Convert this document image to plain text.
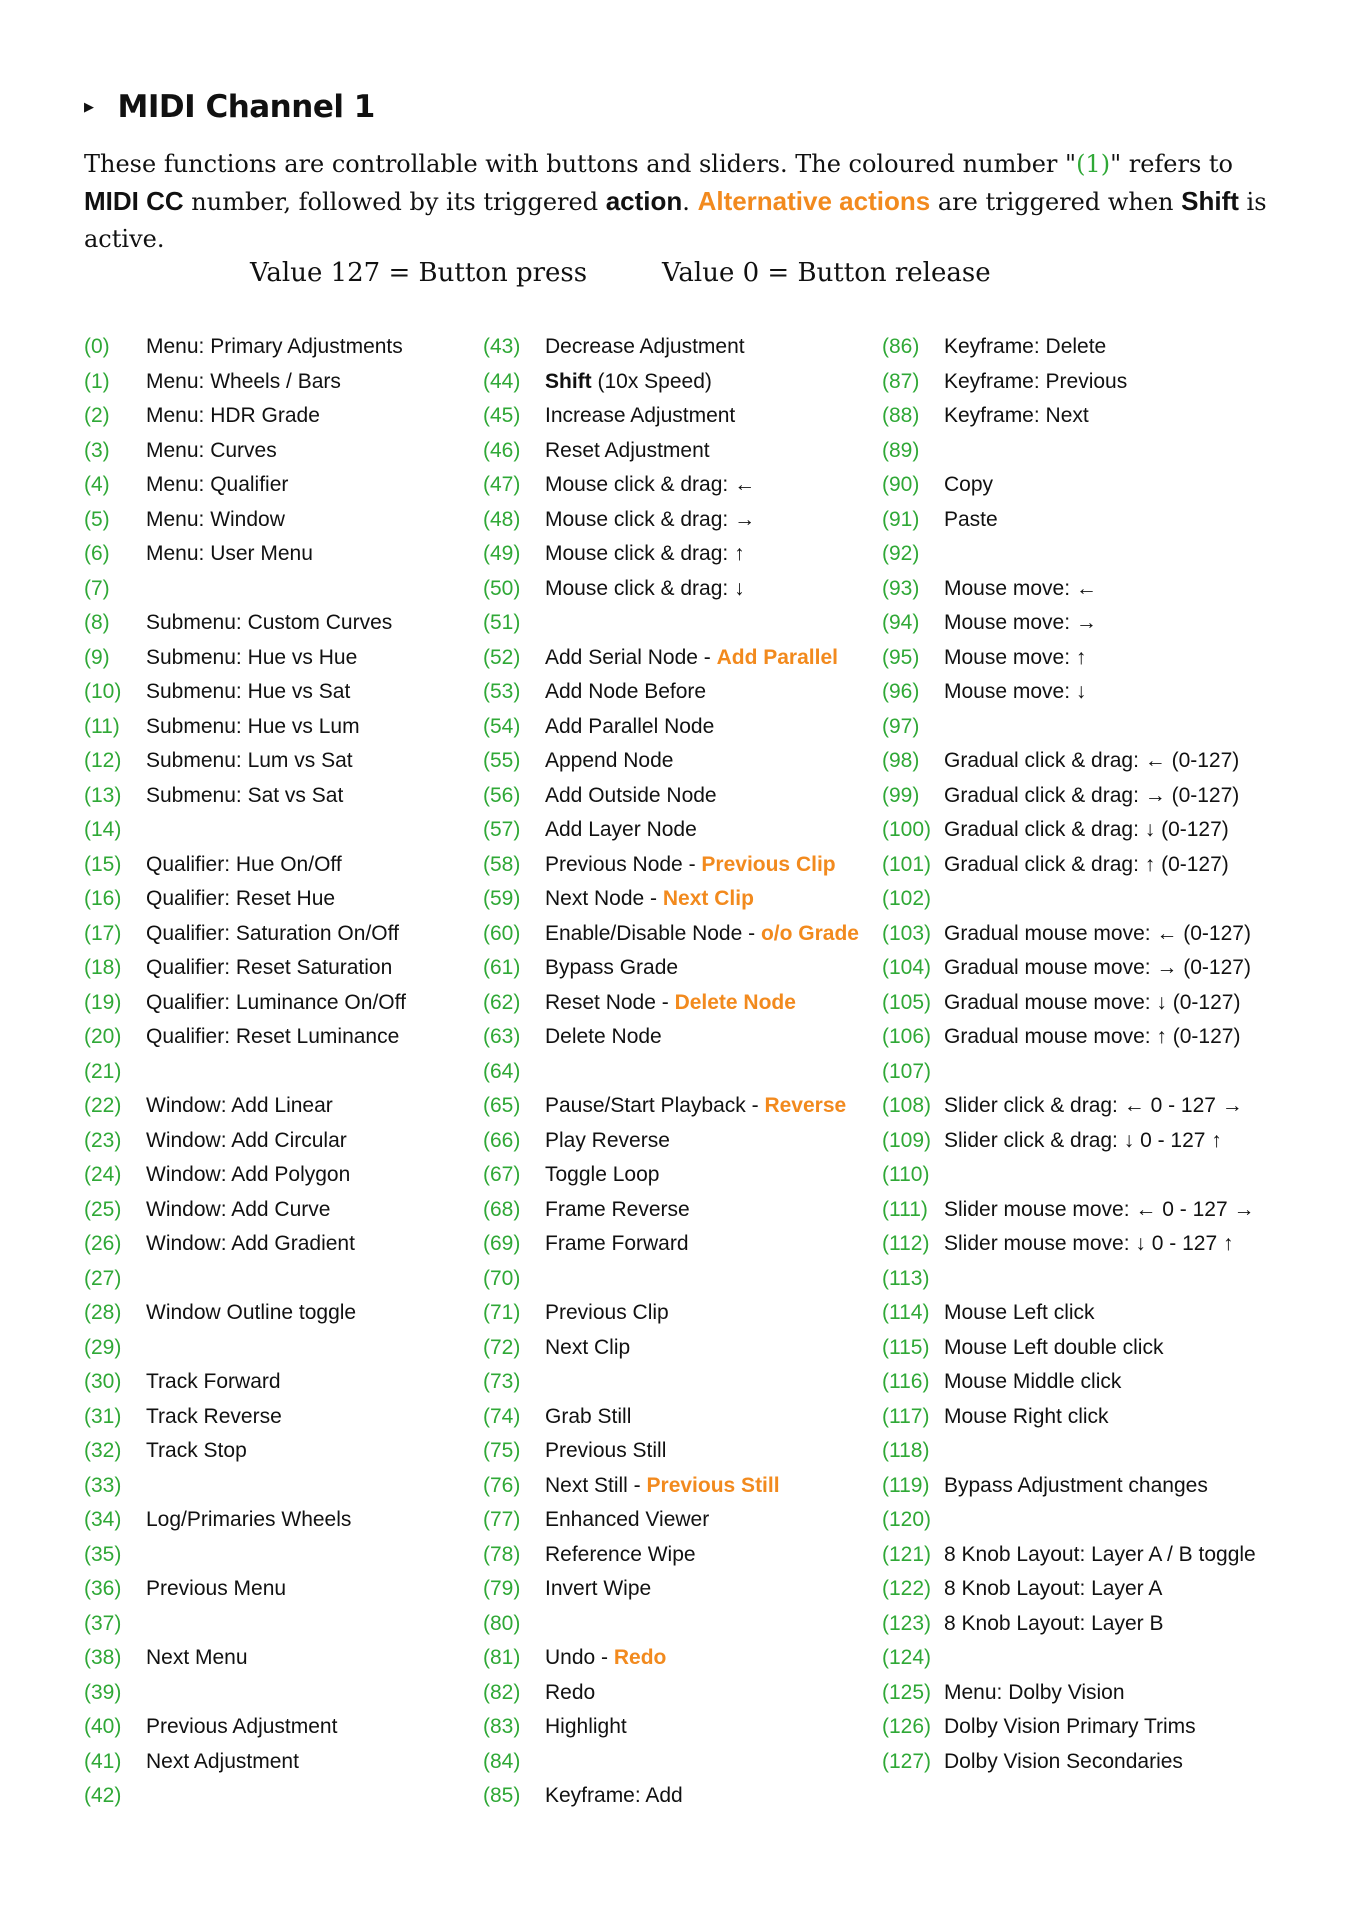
▶ MIDI Channel 1
These functions are controllable with buttons and sliders. The coloured number "(1)" refers to MIDI CC number, followed by its triggered action. Alternative actions are triggered when Shift is active.
Value 127 = Button press	Value 0 = Button release
(0) Menu: Primary Adjustments
(1) Menu: Wheels / Bars
(2) Menu: HDR Grade
(3) Menu: Curves
(4) Menu: Qualifier
(5) Menu: Window
(6) Menu: User Menu
(7)
(8) Submenu: Custom Curves
(9) Submenu: Hue vs Hue
(10) Submenu: Hue vs Sat
(11) Submenu: Hue vs Lum
(12) Submenu: Lum vs Sat
(13) Submenu: Sat vs Sat
(14)
(15) Qualifier: Hue On/Off
(16) Qualifier: Reset Hue
(17) Qualifier: Saturation On/Off
(18) Qualifier: Reset Saturation
(19) Qualifier: Luminance On/Off
(20) Qualifier: Reset Luminance
(21)
(22) Window: Add Linear
(23) Window: Add Circular
(24) Window: Add Polygon
(25) Window: Add Curve
(26) Window: Add Gradient
(27)
(28) Window Outline toggle
(29)
(30) Track Forward
(31) Track Reverse
(32) Track Stop
(33)
(34) Log/Primaries Wheels
(35)
(36) Previous Menu
(37)
(38) Next Menu
(39)
(40) Previous Adjustment
(41) Next Adjustment
(42)
(43) Decrease Adjustment
(44) Shift (10x Speed)
(45) Increase Adjustment
(46) Reset Adjustment
(47) Mouse click & drag: ←
(48) Mouse click & drag: →
(49) Mouse click & drag: ↑
(50) Mouse click & drag: ↓
(51)
(52) Add Serial Node - Add Parallel
(53) Add Node Before
(54) Add Parallel Node
(55) Append Node
(56) Add Outside Node
(57) Add Layer Node
(58) Previous Node - Previous Clip
(59) Next Node - Next Clip
(60) Enable/Disable Node - o/o Grade
(61) Bypass Grade
(62) Reset Node - Delete Node
(63) Delete Node
(64)
(65) Pause/Start Playback - Reverse
(66) Play Reverse
(67) Toggle Loop
(68) Frame Reverse
(69) Frame Forward
(70)
(71) Previous Clip
(72) Next Clip
(73)
(74) Grab Still
(75) Previous Still
(76) Next Still - Previous Still
(77) Enhanced Viewer
(78) Reference Wipe
(79) Invert Wipe
(80)
(81) Undo - Redo
(82) Redo
(83) Highlight
(84)
(85) Keyframe: Add
(86) Keyframe: Delete
(87) Keyframe: Previous
(88) Keyframe: Next
(89)
(90) Copy
(91) Paste
(92)
(93) Mouse move: ←
(94) Mouse move: →
(95) Mouse move: ↑
(96) Mouse move: ↓
(97)
(98) Gradual click & drag: ← (0-127)
(99) Gradual click & drag: → (0-127)
(100) Gradual click & drag: ↓ (0-127)
(101) Gradual click & drag: ↑ (0-127)
(102)
(103) Gradual mouse move: ← (0-127)
(104) Gradual mouse move: → (0-127)
(105) Gradual mouse move: ↓ (0-127)
(106) Gradual mouse move: ↑ (0-127)
(107)
(108) Slider click & drag: ← 0 - 127 →
(109) Slider click & drag: ↓ 0 - 127 ↑
(110)
(111) Slider mouse move: ← 0 - 127 →
(112) Slider mouse move: ↓ 0 - 127 ↑
(113)
(114) Mouse Left click
(115) Mouse Left double click
(116) Mouse Middle click
(117) Mouse Right click
(118)
(119) Bypass Adjustment changes
(120)
(121) 8 Knob Layout: Layer A / B toggle
(122) 8 Knob Layout: Layer A
(123) 8 Knob Layout: Layer B
(124)
(125) Menu: Dolby Vision
(126) Dolby Vision Primary Trims
(127) Dolby Vision Secondaries
